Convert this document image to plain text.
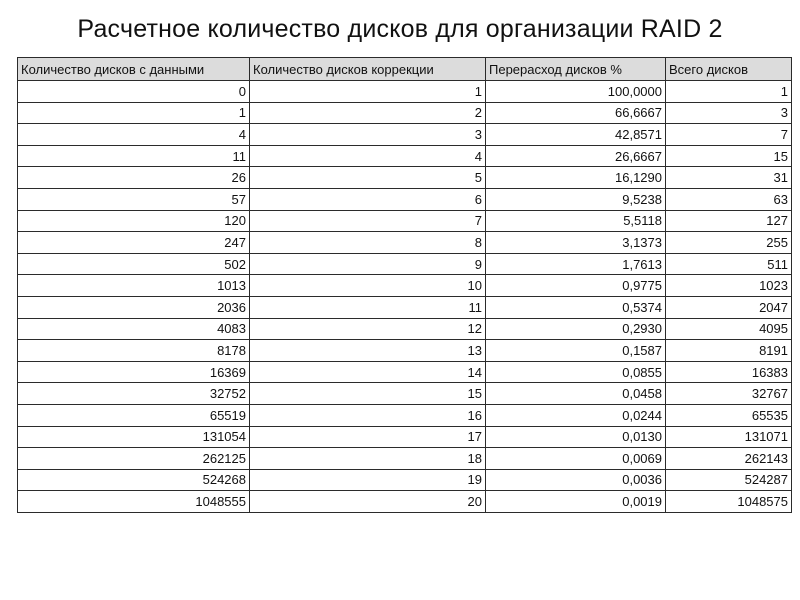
Расчетное количество дисков для организации RAID 2
Количество дисков с данными	Количество дисков коррекции	Перерасход дисков %	Всего дисков
0	1	100,0000	1
1	2	66,6667	3
4	3	42,8571	7
11	4	26,6667	15
26	5	16,1290	31
57	6	9,5238	63
120	7	5,5118	127
247	8	3,1373	255
502	9	1,7613	511
1013	10	0,9775	1023
2036	11	0,5374	2047
4083	12	0,2930	4095
8178	13	0,1587	8191
16369	14	0,0855	16383
32752	15	0,0458	32767
65519	16	0,0244	65535
131054	17	0,0130	131071
262125	18	0,0069	262143
524268	19	0,0036	524287
1048555	20	0,0019	1048575
